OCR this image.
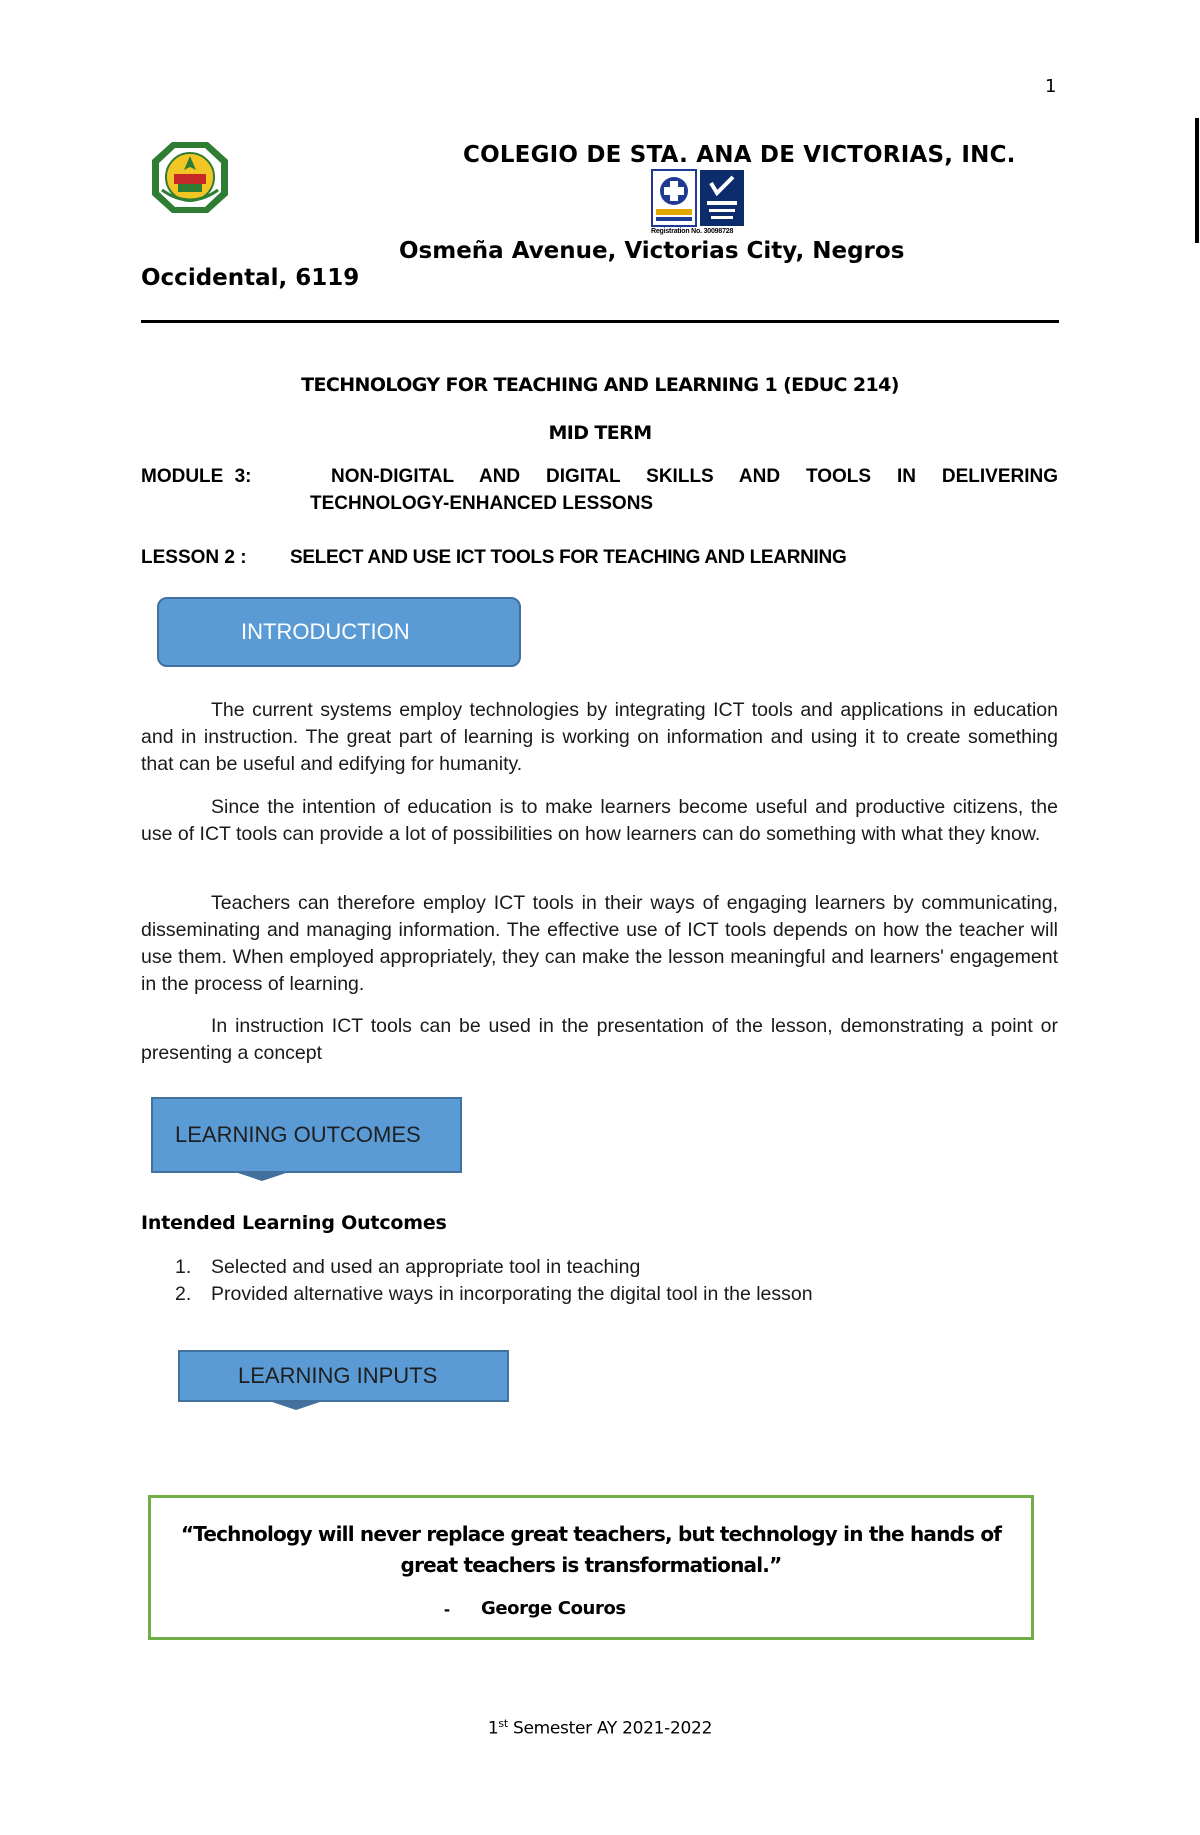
1
COLEGIO DE STA. ANA DE VICTORIAS, INC.
Registration No. 30098728
Osmeña Avenue, Victorias City, Negros
Occidental, 6119
TECHNOLOGY FOR TEACHING AND LEARNING 1 (EDUC 214)
MID TERM
MODULE 3:	NON-DIGITAL AND DIGITAL SKILLS AND TOOLS IN DELIVERING
TECHNOLOGY-ENHANCED LESSONS
LESSON 2 : SELECT AND USE ICT TOOLS FOR TEACHING AND LEARNING
INTRODUCTION
The current systems employ technologies by integrating ICT tools and applications in education and in instruction. The great part of learning is working on information and using it to create something that can be useful and edifying for humanity.
Since the intention of education is to make learners become useful and productive citizens, the use of ICT tools can provide a lot of possibilities on how learners can do something with what they know.
Teachers can therefore employ ICT tools in their ways of engaging learners by communicating, disseminating and managing information. The effective use of ICT tools depends on how the teacher will use them. When employed appropriately, they can make the lesson meaningful and learners' engagement in the process of learning.
In instruction ICT tools can be used in the presentation of the lesson, demonstrating a point or presenting a concept
LEARNING OUTCOMES
Intended Learning Outcomes
1.	Selected and used an appropriate tool in teaching
2.	Provided alternative ways in incorporating the digital tool in the lesson
LEARNING INPUTS
“Technology will never replace great teachers, but technology in the hands of great teachers is transformational.”
- George Couros
1st Semester AY 2021-2022
